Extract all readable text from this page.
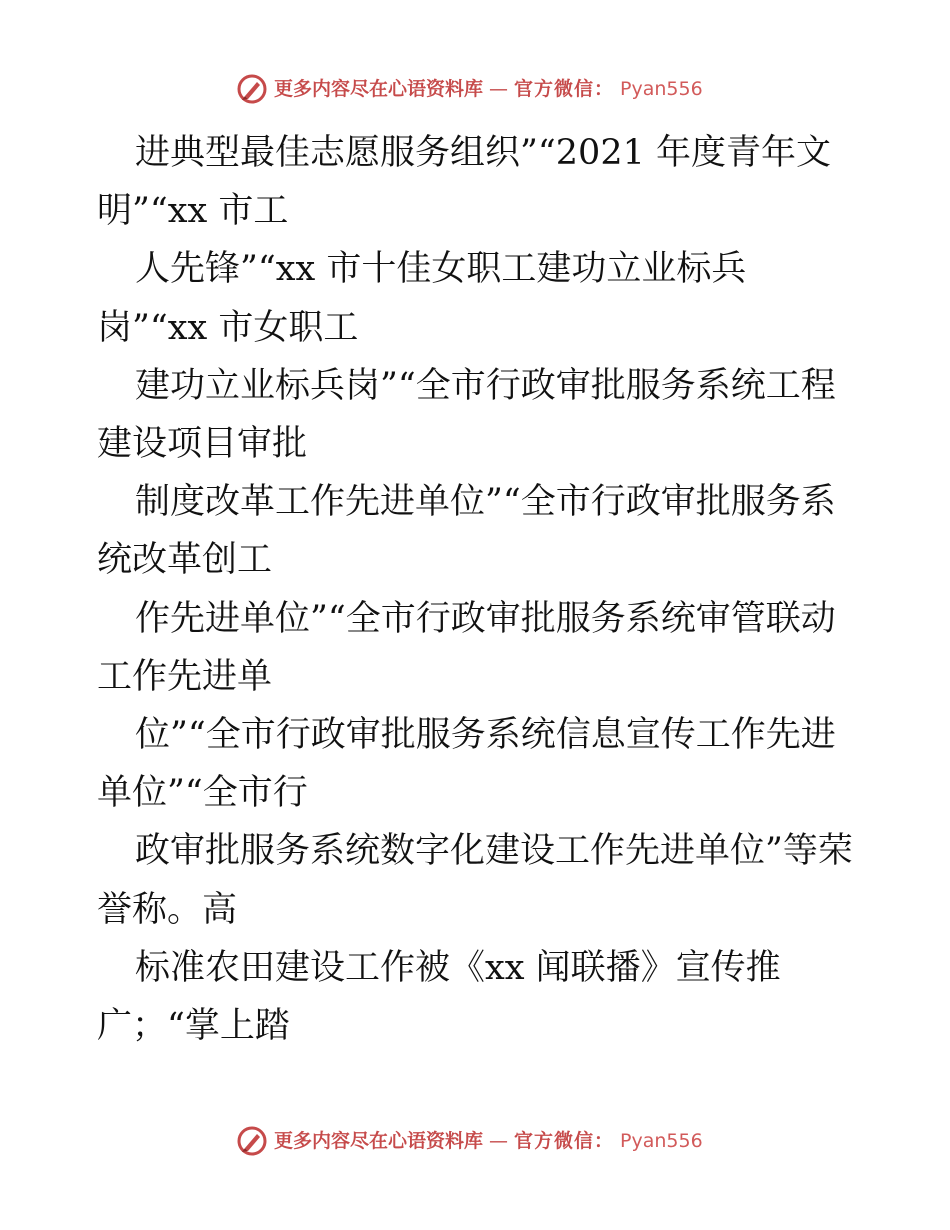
更多内容尽在心语资料库 — 官方微信： Pyan556
进典型最佳志愿服务组织”“2021 年度青年文
明”“xx 市工
人先锋”“xx 市十佳女职工建功立业标兵
岗”“xx 市女职工
建功立业标兵岗”“全市行政审批服务系统工程
建设项目审批
制度改革工作先进单位”“全市行政审批服务系
统改革创工
作先进单位”“全市行政审批服务系统审管联动
工作先进单
位”“全市行政审批服务系统信息宣传工作先进
单位”“全市行
政审批服务系统数字化建设工作先进单位”等荣
誉称。高
标准农田建设工作被《xx 闻联播》宣传推
广；“掌上踏
更多内容尽在心语资料库 — 官方微信： Pyan556
